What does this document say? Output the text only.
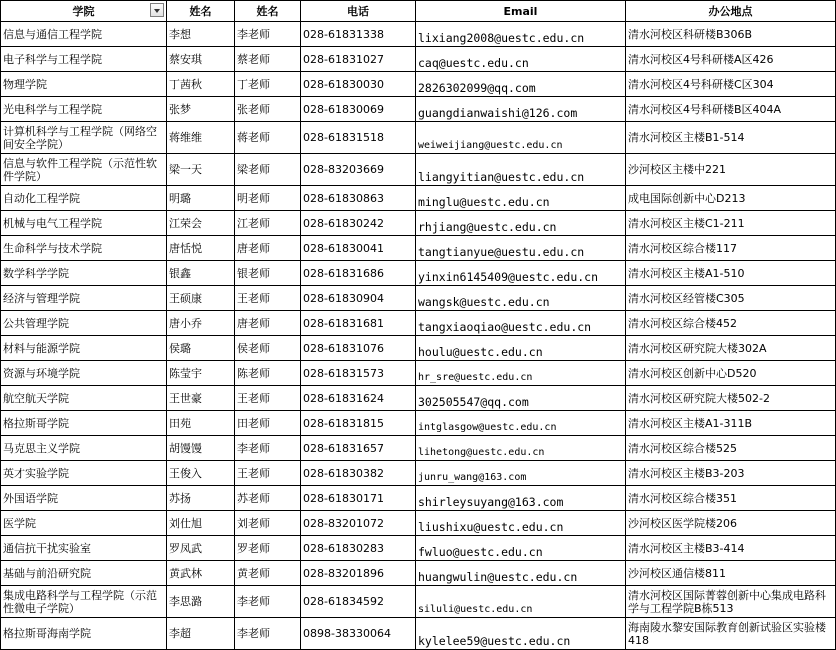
学院	姓名	姓名	电话	Email	办公地点
信息与通信工程学院	李想	李老师	028-61831338	lixiang2008@uestc.edu.cn	清水河校区科研楼B306B
电子科学与工程学院	蔡安琪	蔡老师	028-61831027	caq@uestc.edu.cn	清水河校区4号科研楼A区426
物理学院	丁茜秋	丁老师	028-61830030	2826302099@qq.com	清水河校区4号科研楼C区304
光电科学与工程学院	张梦	张老师	028-61830069	guangdianwaishi@126.com	清水河校区4号科研楼B区404A
计算机科学与工程学院（网络空间安全学院）	蒋维维	蒋老师	028-61831518	weiweijiang@uestc.edu.cn	清水河校区主楼B1-514
信息与软件工程学院（示范性软件学院）	梁一天	梁老师	028-83203669	liangyitian@uestc.edu.cn	沙河校区主楼中221
自动化工程学院	明璐	明老师	028-61830863	minglu@uestc.edu.cn	成电国际创新中心D213
机械与电气工程学院	江荣会	江老师	028-61830242	rhjiang@uestc.edu.cn	清水河校区主楼C1-211
生命科学与技术学院	唐恬悦	唐老师	028-61830041	tangtianyue@uestu.edu.cn	清水河校区综合楼117
数学科学学院	银鑫	银老师	028-61831686	yinxin6145409@uestc.edu.cn	清水河校区主楼A1-510
经济与管理学院	王硕康	王老师	028-61830904	wangsk@uestc.edu.cn	清水河校区经管楼C305
公共管理学院	唐小乔	唐老师	028-61831681	tangxiaoqiao@uestc.edu.cn	清水河校区综合楼452
材料与能源学院	侯璐	侯老师	028-61831076	houlu@uestc.edu.cn	清水河校区研究院大楼302A
资源与环境学院	陈莹宇	陈老师	028-61831573	hr_sre@uestc.edu.cn	清水河校区创新中心D520
航空航天学院	王世豪	王老师	028-61831624	302505547@qq.com	清水河校区研究院大楼502-2
格拉斯哥学院	田苑	田老师	028-61831815	intglasgow@uestc.edu.cn	清水河校区主楼A1-311B
马克思主义学院	胡馒馒	李老师	028-61831657	lihetong@uestc.edu.cn	清水河校区综合楼525
英才实验学院	王俊入	王老师	028-61830382	junru_wang@163.com	清水河校区主楼B3-203
外国语学院	苏扬	苏老师	028-61830171	shirleysuyang@163.com	清水河校区综合楼351
医学院	刘仕旭	刘老师	028-83201072	liushixu@uestc.edu.cn	沙河校区医学院楼206
通信抗干扰实验室	罗凤武	罗老师	028-61830283	fwluo@uestc.edu.cn	清水河校区主楼B3-414
基础与前沿研究院	黄武林	黄老师	028-83201896	huangwulin@uestc.edu.cn	沙河校区通信楼811
集成电路科学与工程学院（示范性微电子学院）	李思潞	李老师	028-61834592	siluli@uestc.edu.cn	清水河校区国际菁蓉创新中心集成电路科学与工程学院B栋513
格拉斯哥海南学院	李超	李老师	0898-38330064	kylelee59@uestc.edu.cn	海南陵水黎安国际教育创新试验区实验楼418
